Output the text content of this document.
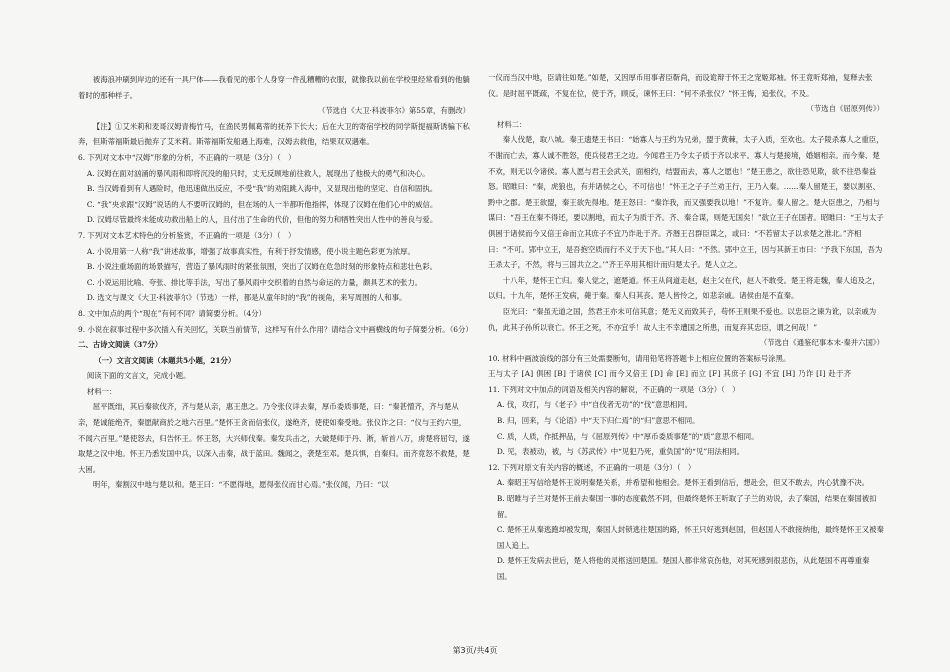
被海浪冲刷到岸边的还有一具尸体——我看见的那个人身穿一件乱糟糟的衣服，就像我以前在学校里经常看到的他躺着时的那种样子。

（节选自《大卫·科波菲尔》第55章，有删改）

【注】①艾米莉和麦哥汉姆青梅竹马，在渔民男佩葛蒂的抚养下长大；后在大卫的寄宿学校的同学斯提福斯诱骗下私奔，但斯蒂福斯最后抛弃了艾米莉。斯蒂福斯发船遇上海难，汉姆去救他，结果双双遇难。

6. 下列对文本中“汉姆”形象的分析，不正确的一项是（3分）（　）

A. 汉姆在面对汹涌的暴风雨和即将沉没的船只时，丈无反顾地前往救人，展现出了他极大的勇气和决心。

B. 当汉姆看到有人遇险时，他迅速做出反应，不受“我”的劝阻跳入海中，又显现出他的坚定、自信和固执。

C. “我”央求跟“汉姆”说话的人不要听汉姆的，但在场的人一半都听他指挥，体现了汉姆在他们心中的威信。

D. 汉姆尽管最终未能成功救出船上的人，且付出了生命的代价，但他的努力和牺牲突出人性中的善良与爱。

7. 下列对文本艺术特色的分析鉴赏，不正确的一项是（3分）（　）

A. 小说用第一人称“我”讲述故事，增强了故事真实性，有利于抒发情感，使小说主题色彩更为浓厚。

B. 小说注重场面的场景描写，营造了暴风雨时的紧张氛围，突出了汉姆在危急时刻的形象特点和悲壮色彩。

C. 小说运用比喻、夸张、排比等手法，写出了暴风雨中交织着的自然与命运的力量，颇具艺术的张力。

D. 选文与课文《大卫·科波菲尔》（节选）一样，都是从童年时的“我”的视角，来写周围的人和事。

8. 文中加点的两个“现在”有何不同？请简要分析。（4分）

9. 小说在叙事过程中多次插入有关回忆，关联当前情节，这样写有什么作用？请结合文中画横线的句子简要分析。（6分）

二、古诗文阅读（37分）

（一）文言文阅读（本题共5小题，21分）

阅读下面的文言文，完成小题。

材料一：

屈平既绌，其后秦欲伐齐，齐与楚从亲，惠王患之。乃令张仪详去秦，厚币委质事楚，曰：“秦甚憎齐，齐与楚从亲，楚诚能绝齐，秦愿献商於之地六百里。”楚怀王贪而信张仪，遂绝齐，使使如秦受地。张仪诈之曰：“仪与王约六里，不闻六百里。”楚使怒去，归告怀王。怀王怒，大兴师伐秦。秦发兵击之，大破楚师于丹、淅，斩首八万，虏楚将屈匄，遂取楚之汉中地。怀王乃悉发国中兵，以深入击秦，战于蓝田。魏闻之，袭楚至邓。楚兵惧，自秦归。而齐竟怒不救楚，楚大困。

明年，秦割汉中地与楚以和。楚王曰：“不愿得地，愿得张仪而甘心焉。”张仪闻，乃曰：“以

一仪而当汉中地，臣请往如楚。”如楚，又因厚币用事者臣靳尚，而设诡辩于怀王之宠姬郑袖。怀王竟听郑袖，复释去张仪。是时屈平既疏，不复在位，使于齐，顾反，谏怀王曰：“何不杀张仪？”怀王悔，追张仪，不及。

（节选自《屈原列传》）

材料二：

秦人伐楚，取八城。秦王遗楚王书曰：“始寡人与王约为兄弟，盟于黄棘，太子入质，至欢也。太子陵杀寡人之重臣，不谢而亡去，寡人诚不胜怒，使兵侵君王之边。今闻君王乃令太子质于齐以求平。寡人与楚接境，婚姻相亲。而今秦、楚不欢，则无以令诸侯。寡人愿与君王会武关，面相约，结盟而去，寡人之愿也！”楚王患之，欲往恐见欺，欲不往恐秦益怒。昭睢曰：“秦，虎狼也，有并诸侯之心，不可信也！”怀王之子子兰劝王行，王乃入秦。……秦人留楚王，要以割巫、黔中之郡。楚王欲盟，秦王欲先得地。楚王怒曰：“秦诈我，而又强要我以地！”不复许。秦人留之。楚大臣患之，乃相与谋曰：“吾王在秦不得还，要以割地，而太子为质于齐。齐、秦合谋，则楚无国矣！”欲立王子在国者。昭睢曰：“王与太子俱困于诸侯而今又倍王命而立其庶子不宜乃诈赴于齐。齐湣王召群臣谋之，或曰：“不若留太子以求楚之淮北。”齐相曰：“不可。郢中立王，是吾抱空质而行不义于天下也。”其人曰：“不然。郢中立王，因与其新王市曰：‘予我下东国，吾为王杀太子，不然，将与三国共立之。’”齐王卒用其相计而归楚太子。楚人立之。

十八年，楚怀王亡归。秦人觉之，遮楚道。怀王从间道走赵，赵主父在代，赵人不敢受。楚王将走魏，秦人追及之，以归。十九年，楚怀王发病，薨于秦。秦人归其丧。楚人皆怜之，如悲亲戚。诸侯由是不直秦。

臣光曰：“秦虽无道之国，然君王亦未可信其意；楚无义而致其子，苟怀王则果不爱也。以忠臣之谏为讹，以亲戚为仇，此其子孙所以衰亡。怀王之死，不亦宜乎！故人主不幸遭国之所患，而复弃其忠臣，谓之何哉！”

（节选自《通鉴纪事本末·秦并六国》）

10. 材料中画波浪线的部分有三处需要断句，请用铅笔将答题卡上相应位置的答案标号涂黑。

王与太子 [A] 俱困 [B] 于诸侯 [C] 而今又倍王 [D] 命 [E] 而立 [F] 其庶子 [G] 不宜 [H] 乃诈 [I] 赴于齐

11. 下列对文中加点的词语及相关内容的解说，不正确的一项是（3分）（　）

A. 伐，攻打，与《老子》中“自伐者无功”的“伐”意思相同。

B. 归，回来，与《论语》中“天下归仁焉”的“归”意思不相同。

C. 质，人质，作抵押品，与《屈原列传》中“厚币委质事楚”的“质”意思不相同。

D. 见，表被动，被，与《苏武传》中“见犯乃死，重负国”的“见”用法相同。

12. 下列对原文有关内容的概述，不正确的一项是（3分）（　）

A. 秦昭王写信给楚怀王说明秦楚关系，并希望和他相会。楚怀王看到信后，想赴会，但又不敢去，内心犹豫不决。

B. 昭睢与子兰对楚怀王前去秦国一事的态度截然不同，但最终楚怀王听取了子兰的劝说，去了秦国，结果在秦国被扣留。

C. 楚怀王从秦逃跑却被发现，秦国人封锁逃往楚国的路，怀王只好逃到赵国，但赵国人不敢接纳他，最终楚怀王又被秦国人追上。

D. 楚怀王发病去世后，楚人将他的灵柩送回楚国。楚国人都非常哀伤他，对其死感到很悲伤，从此楚国不再尊重秦国。

第3页/共4页
